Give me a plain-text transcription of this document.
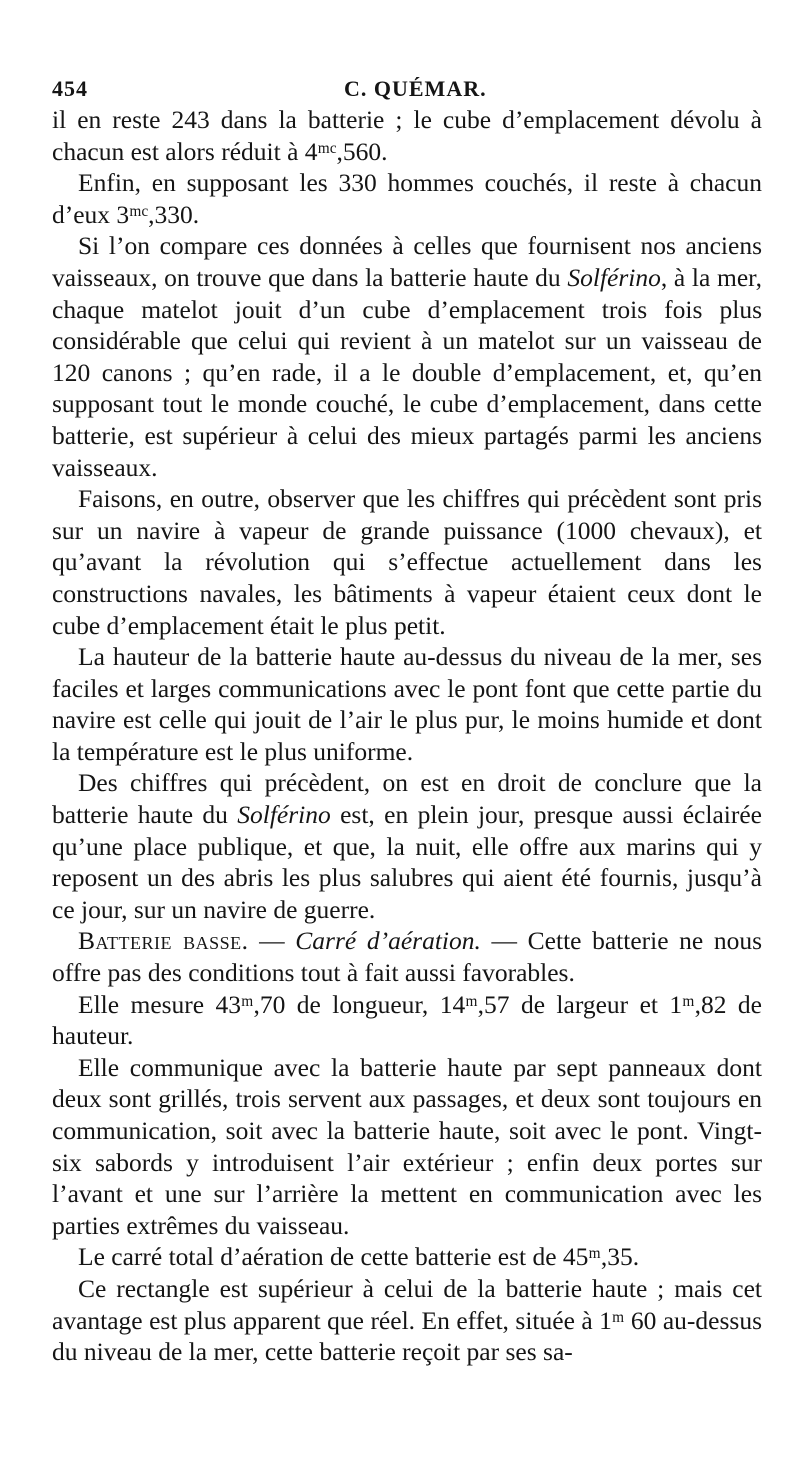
454	C. QUÉMAR.

il en reste 243 dans la batterie ; le cube d’emplacement dévolu à chacun est alors réduit à 4ᵐᶜ,560.

Enfin, en supposant les 330 hommes couchés, il reste à chacun d’eux 3ᵐᶜ,330.

Si l’on compare ces données à celles que fournisent nos anciens vaisseaux, on trouve que dans la batterie haute du Solférino, à la mer, chaque matelot jouit d’un cube d’emplacement trois fois plus considérable que celui qui revient à un matelot sur un vaisseau de 120 canons ; qu’en rade, il a le double d’emplacement, et, qu’en supposant tout le monde couché, le cube d’emplacement, dans cette batterie, est supérieur à celui des mieux partagés parmi les anciens vaisseaux.

Faisons, en outre, observer que les chiffres qui précèdent sont pris sur un navire à vapeur de grande puissance (1000 chevaux), et qu’avant la révolution qui s’effectue actuellement dans les constructions navales, les bâtiments à vapeur étaient ceux dont le cube d’emplacement était le plus petit.

La hauteur de la batterie haute au-dessus du niveau de la mer, ses faciles et larges communications avec le pont font que cette partie du navire est celle qui jouit de l’air le plus pur, le moins humide et dont la température est le plus uniforme.

Des chiffres qui précèdent, on est en droit de conclure que la batterie haute du Solférino est, en plein jour, presque aussi éclairée qu’une place publique, et que, la nuit, elle offre aux marins qui y reposent un des abris les plus salubres qui aient été fournis, jusqu’à ce jour, sur un navire de guerre.

Batterie basse. — Carré d’aération. — Cette batterie ne nous offre pas des conditions tout à fait aussi favorables.

Elle mesure 43ᵐ,70 de longueur, 14ᵐ,57 de largeur et 1ᵐ,82 de hauteur.

Elle communique avec la batterie haute par sept panneaux dont deux sont grillés, trois servent aux passages, et deux sont toujours en communication, soit avec la batterie haute, soit avec le pont. Vingt-six sabords y introduisent l’air extérieur ; enfin deux portes sur l’avant et une sur l’arrière la mettent en communication avec les parties extrêmes du vaisseau.

Le carré total d’aération de cette batterie est de 45ᵐ,35.

Ce rectangle est supérieur à celui de la batterie haute ; mais cet avantage est plus apparent que réel. En effet, située à 1ᵐ 60 au-dessus du niveau de la mer, cette batterie reçoit par ses sa-
